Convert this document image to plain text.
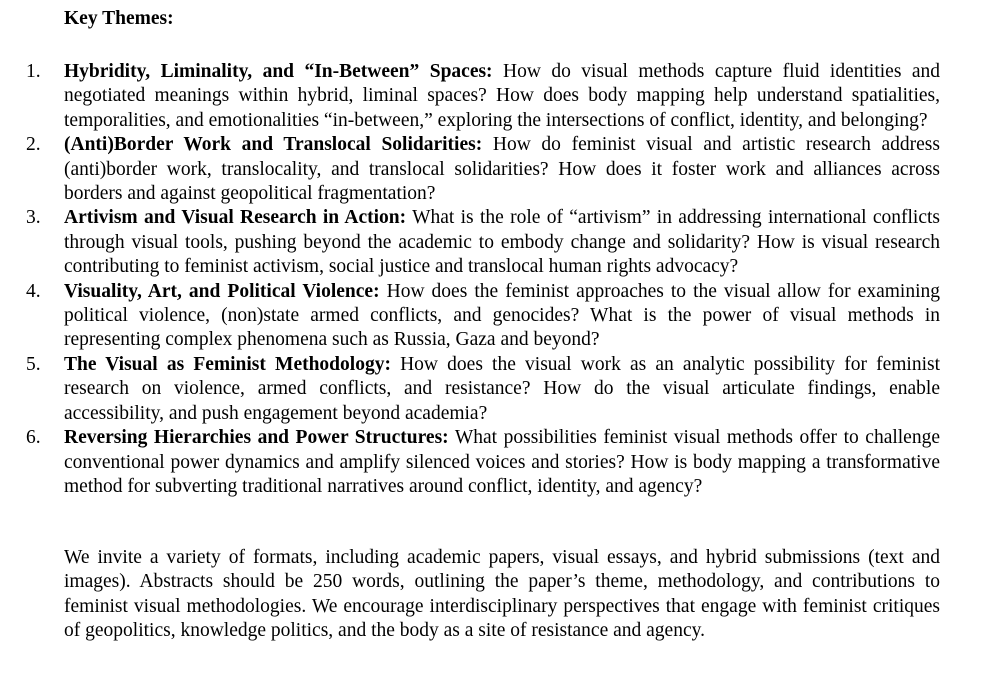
Key Themes:
1.	Hybridity, Liminality, and “In-Between” Spaces: How do visual methods capture fluid identities and negotiated meanings within hybrid, liminal spaces? How does body mapping help understand spatialities, temporalities, and emotionalities “in-between,” exploring the intersections of conflict, identity, and belonging?
2.	(Anti)Border Work and Translocal Solidarities: How do feminist visual and artistic research address (anti)border work, translocality, and translocal solidarities? How does it foster work and alliances across borders and against geopolitical fragmentation?
3.	Artivism and Visual Research in Action: What is the role of “artivism” in addressing international conflicts through visual tools, pushing beyond the academic to embody change and solidarity? How is visual research contributing to feminist activism, social justice and translocal human rights advocacy?
4.	Visuality, Art, and Political Violence: How does the feminist approaches to the visual allow for examining political violence, (non)state armed conflicts, and genocides? What is the power of visual methods in representing complex phenomena such as Russia, Gaza and beyond?
5.	The Visual as Feminist Methodology: How does the visual work as an analytic possibility for feminist research on violence, armed conflicts, and resistance? How do the visual articulate findings, enable accessibility, and push engagement beyond academia?
6.	Reversing Hierarchies and Power Structures: What possibilities feminist visual methods offer to challenge conventional power dynamics and amplify silenced voices and stories? How is body mapping a transformative method for subverting traditional narratives around conflict, identity, and agency?

We invite a variety of formats, including academic papers, visual essays, and hybrid submissions (text and images). Abstracts should be 250 words, outlining the paper’s theme, methodology, and contributions to feminist visual methodologies. We encourage interdisciplinary perspectives that engage with feminist critiques of geopolitics, knowledge politics, and the body as a site of resistance and agency.
